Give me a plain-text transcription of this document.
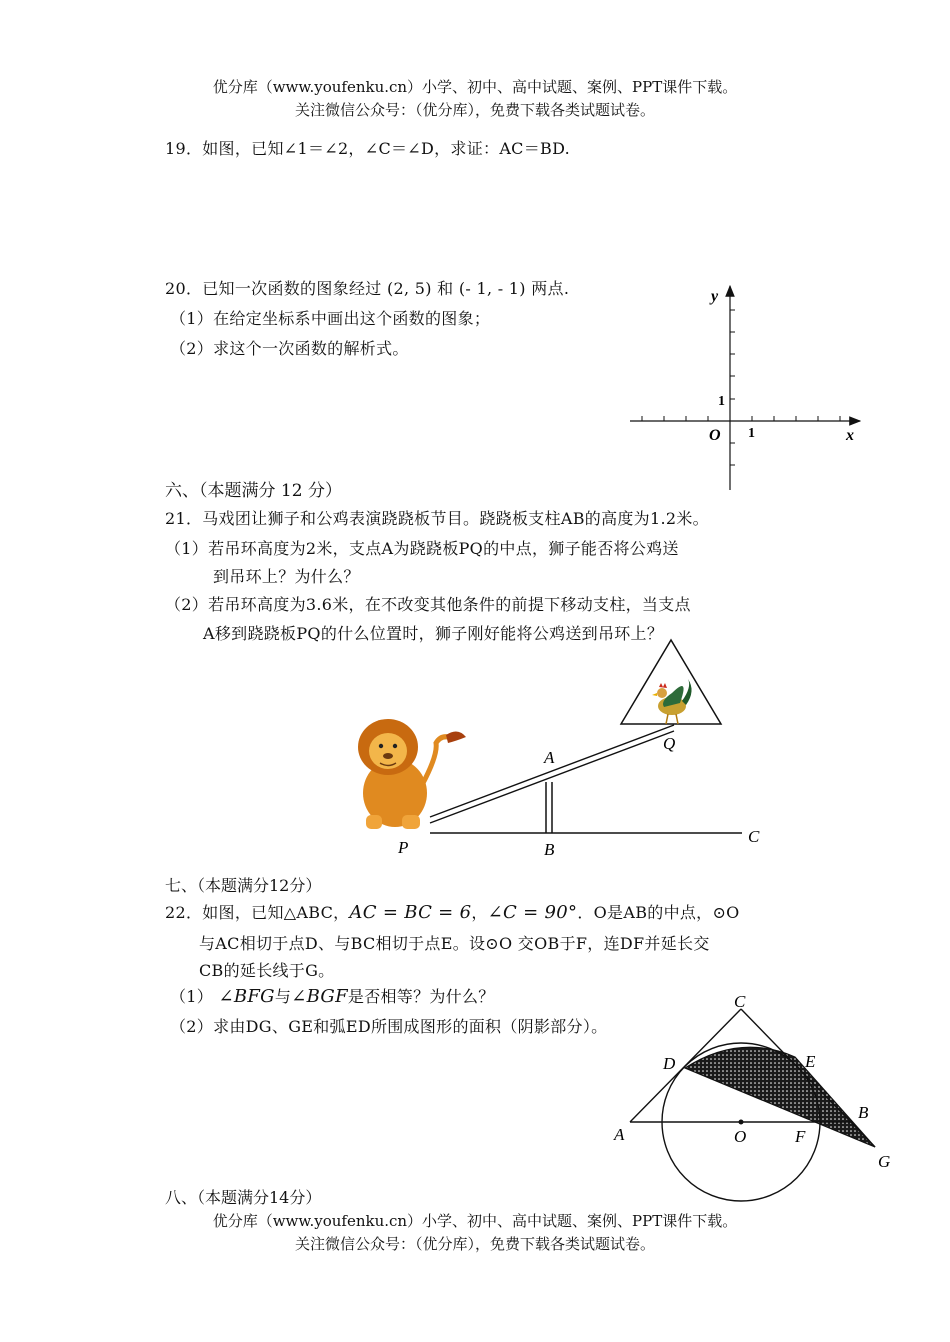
优分库（www.youfenku.cn）小学、初中、高中试题、案例、PPT课件下载。
关注微信公众号：（优分库），免费下载各类试题试卷。
19．如图，已知∠1＝∠2，∠C＝∠D，求证：AC＝BD.
20．已知一次函数的图象经过 (2, 5) 和 (- 1, - 1) 两点.
（1）在给定坐标系中画出这个函数的图象；
（2）求这个一次函数的解析式。
y
x
O 1
1
六、（本题满分 12 分）
21．马戏团让狮子和公鸡表演跷跷板节目。跷跷板支柱AB的高度为1.2米。
（1）若吊环高度为2米，支点A为跷跷板PQ的中点，狮子能否将公鸡送
到吊环上？为什么？
（2）若吊环高度为3.6米，在不改变其他条件的前提下移动支柱，当支点
A移到跷跷板PQ的什么位置时，狮子刚好能将公鸡送到吊环上？
A
B
C
P
Q
七、（本题满分12分）
22．如图，已知△ABC，AC = BC = 6，∠C = 90°．O是AB的中点，⊙O
与AC相切于点D、与BC相切于点E。设⊙O 交OB于F，连DF并延长交
CB的延长线于G。
（1） ∠BFG与∠BGF是否相等？为什么？
（2）求由DG、GE和弧ED所围成图形的面积（阴影部分）。
A
B
C
D	E
F
G
O
八、（本题满分14分）
优分库（www.youfenku.cn）小学、初中、高中试题、案例、PPT课件下载。
关注微信公众号：（优分库），免费下载各类试题试卷。
